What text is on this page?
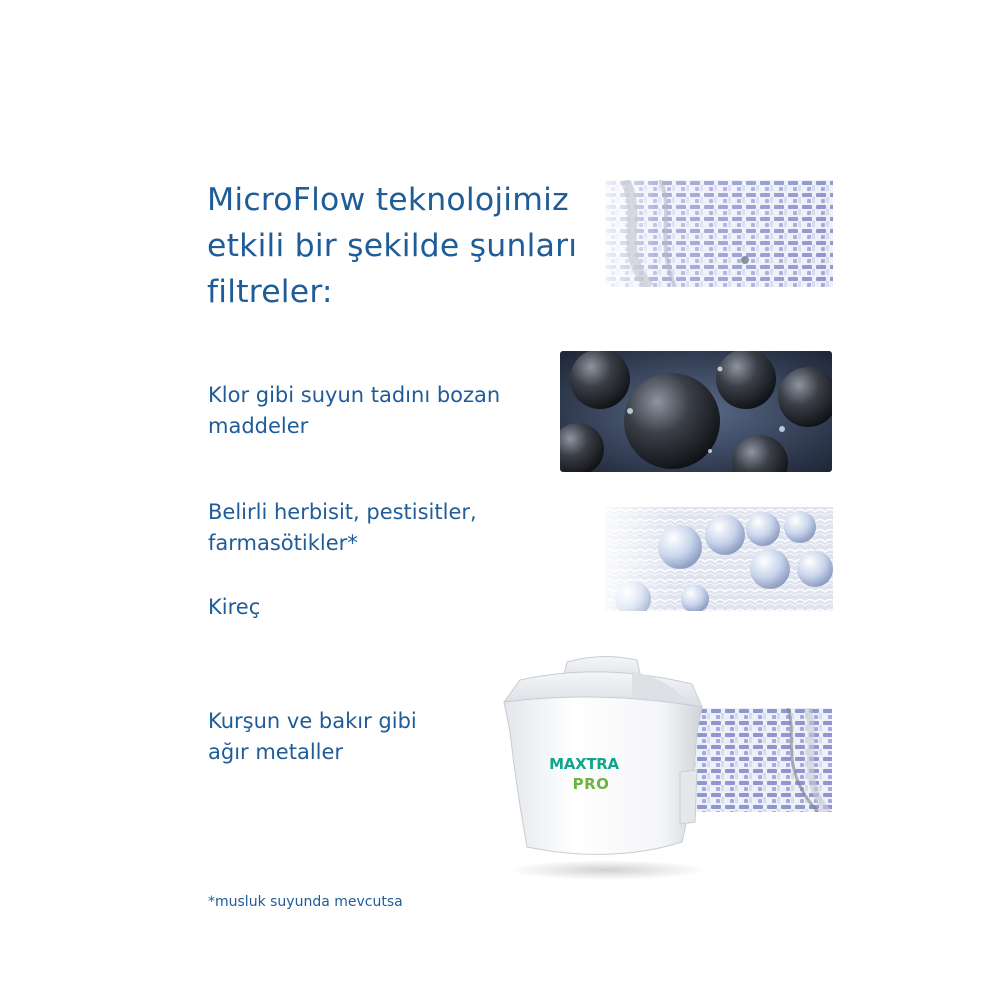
MicroFlow teknolojimiz
etkili bir şekilde şunları
filtreler:

Klor gibi suyun tadını bozan
maddeler

Belirli herbisit, pestisitler,
farmasötikler*

Kireç

Kurşun ve bakır gibi
ağır metaller

*musluk suyunda mevcutsa

MAXTRA
PRO
